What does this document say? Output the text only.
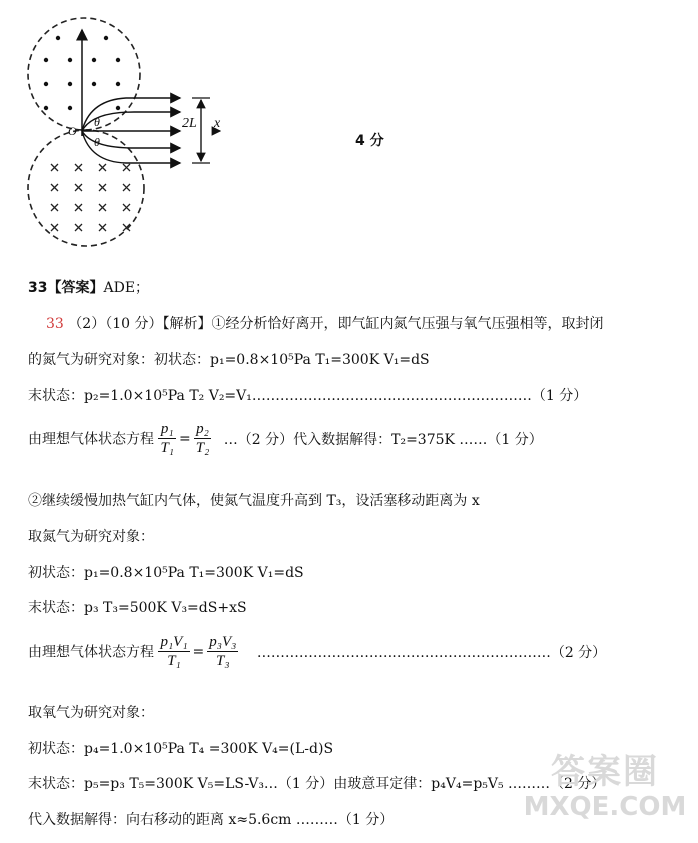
2L x
O
θ
θ	4 分
33【答案】ADE；
33 （2）（10 分）【解析】①经分析恰好离开，即气缸内氮气压强与氧气压强相等，取封闭
的氮气为研究对象：初状态：p₁=0.8×10⁵Pa T₁=300K V₁=dS
末状态：p₂=1.0×10⁵Pa T₂ V₂=V₁……………………………………………………（1 分）
由理想气体状态方程 $\frac{\text{p₁}}{\text{T₁}} = \frac{\text{p₂}}{\text{T₂}}$ …（2 分）代入数据解得：T₂=375K ……（1 分）
②继续缓慢加热气缸内气体，使氮气温度升高到 T₃，设活塞移动距离为 x
取氮气为研究对象：
初状态：p₁=0.8×10⁵Pa T₁=300K V₁=dS
末状态：p₃ T₃=500K V₃=dS+xS
由理想气体状态方程 $\frac{\text{p₁V₁}}{\text{T₁}} = \frac{\text{p₃V₃}}{\text{T₃}}$ ………………………………………………………（2 分）
取氧气为研究对象：
初状态：p₄=1.0×10⁵Pa T₄ =300K V₄=(L-d)S
末状态：p₅=p₃ T₅=300K V₅=LS-V₃…（1 分）由玻意耳定律：p₄V₄=p₅V₅ ………（2 分）
代入数据解得：向右移动的距离 x≈5.6cm ………（1 分）
答案圈
MXQE.COM
